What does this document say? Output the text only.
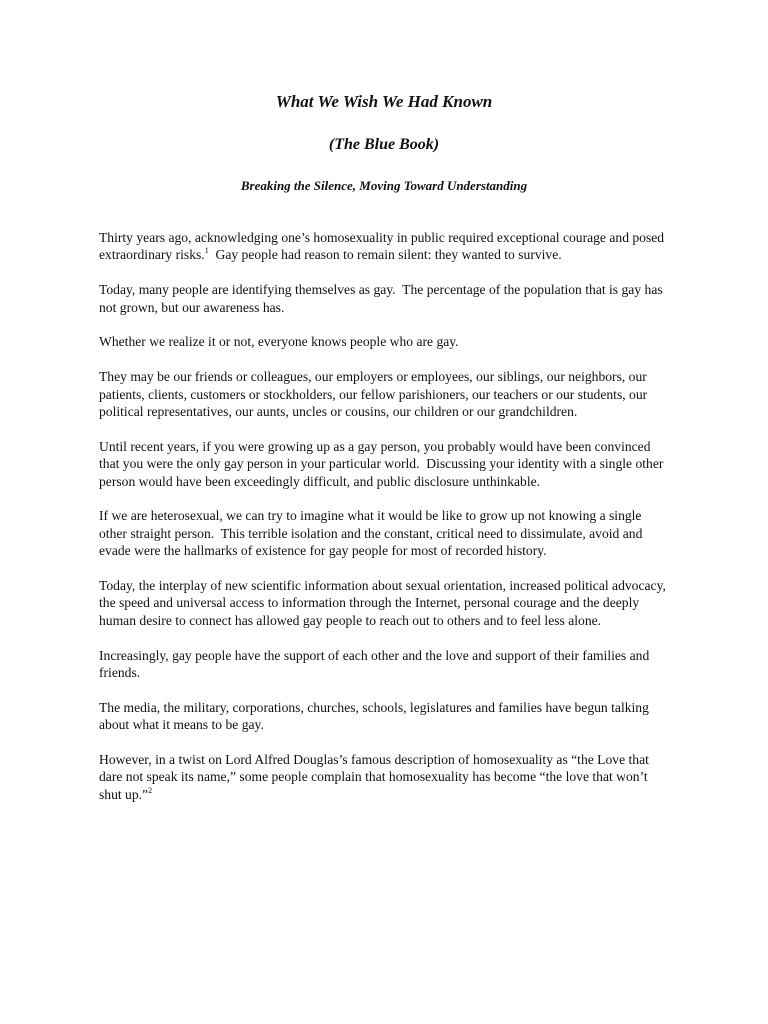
What We Wish We Had Known
(The Blue Book)
Breaking the Silence, Moving Toward Understanding

Thirty years ago, acknowledging one’s homosexuality in public required exceptional courage and posed extraordinary risks.$^1$  Gay people had reason to remain silent: they wanted to survive.

Today, many people are identifying themselves as gay.  The percentage of the population that is gay has not grown, but our awareness has.

Whether we realize it or not, everyone knows people who are gay.

They may be our friends or colleagues, our employers or employees, our siblings, our neighbors, our patients, clients, customers or stockholders, our fellow parishioners, our teachers or our students, our political representatives, our aunts, uncles or cousins, our children or our grandchildren.

Until recent years, if you were growing up as a gay person, you probably would have been convinced that you were the only gay person in your particular world.  Discussing your identity with a single other person would have been exceedingly difficult, and public disclosure unthinkable.

If we are heterosexual, we can try to imagine what it would be like to grow up not knowing a single other straight person.  This terrible isolation and the constant, critical need to dissimulate, avoid and evade were the hallmarks of existence for gay people for most of recorded history.

Today, the interplay of new scientific information about sexual orientation, increased political advocacy, the speed and universal access to information through the Internet, personal courage and the deeply human desire to connect has allowed gay people to reach out to others and to feel less alone.

Increasingly, gay people have the support of each other and the love and support of their families and friends.

The media, the military, corporations, churches, schools, legislatures and families have begun talking about what it means to be gay.

However, in a twist on Lord Alfred Douglas’s famous description of homosexuality as “the Love that dare not speak its name,” some people complain that homosexuality has become “the love that won’t shut up.”$^2$
